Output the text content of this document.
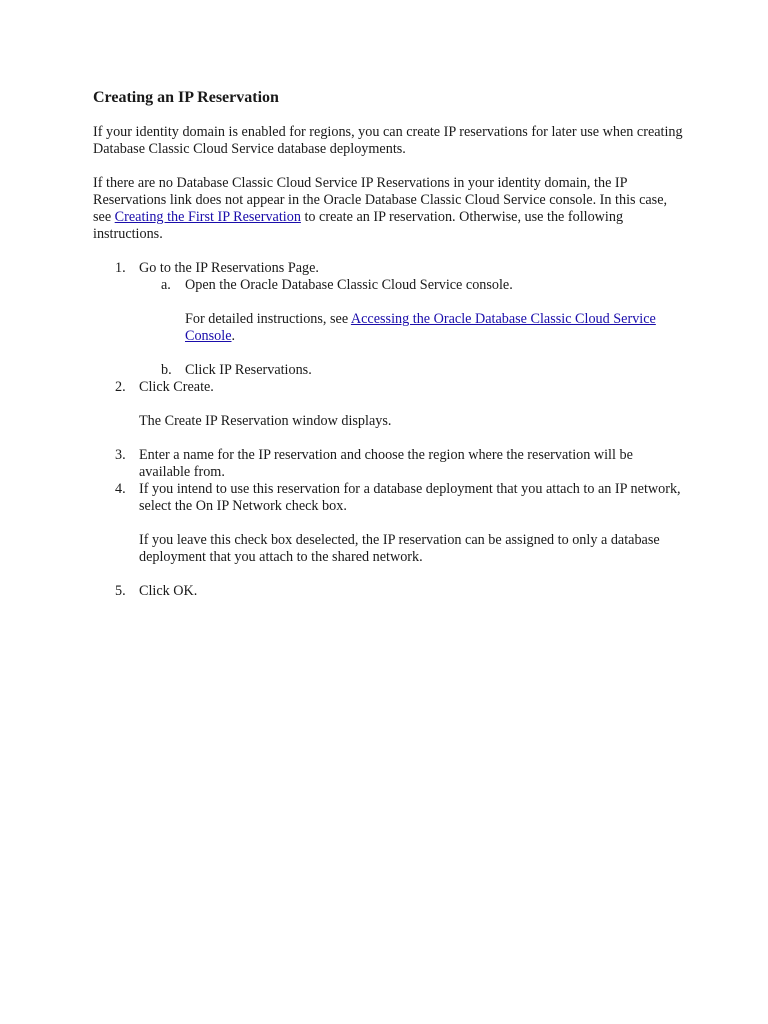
Creating an IP Reservation

If your identity domain is enabled for regions, you can create IP reservations for later use when creating Database Classic Cloud Service database deployments.

If there are no Database Classic Cloud Service IP Reservations in your identity domain, the IP Reservations link does not appear in the Oracle Database Classic Cloud Service console. In this case, see Creating the First IP Reservation to create an IP reservation. Otherwise, use the following instructions.

1. Go to the IP Reservations Page.
a. Open the Oracle Database Classic Cloud Service console.

For detailed instructions, see Accessing the Oracle Database Classic Cloud Service Console.

b. Click IP Reservations.
2. Click Create.

The Create IP Reservation window displays.

3. Enter a name for the IP reservation and choose the region where the reservation will be available from.
4. If you intend to use this reservation for a database deployment that you attach to an IP network, select the On IP Network check box.

If you leave this check box deselected, the IP reservation can be assigned to only a database deployment that you attach to the shared network.

5. Click OK.
